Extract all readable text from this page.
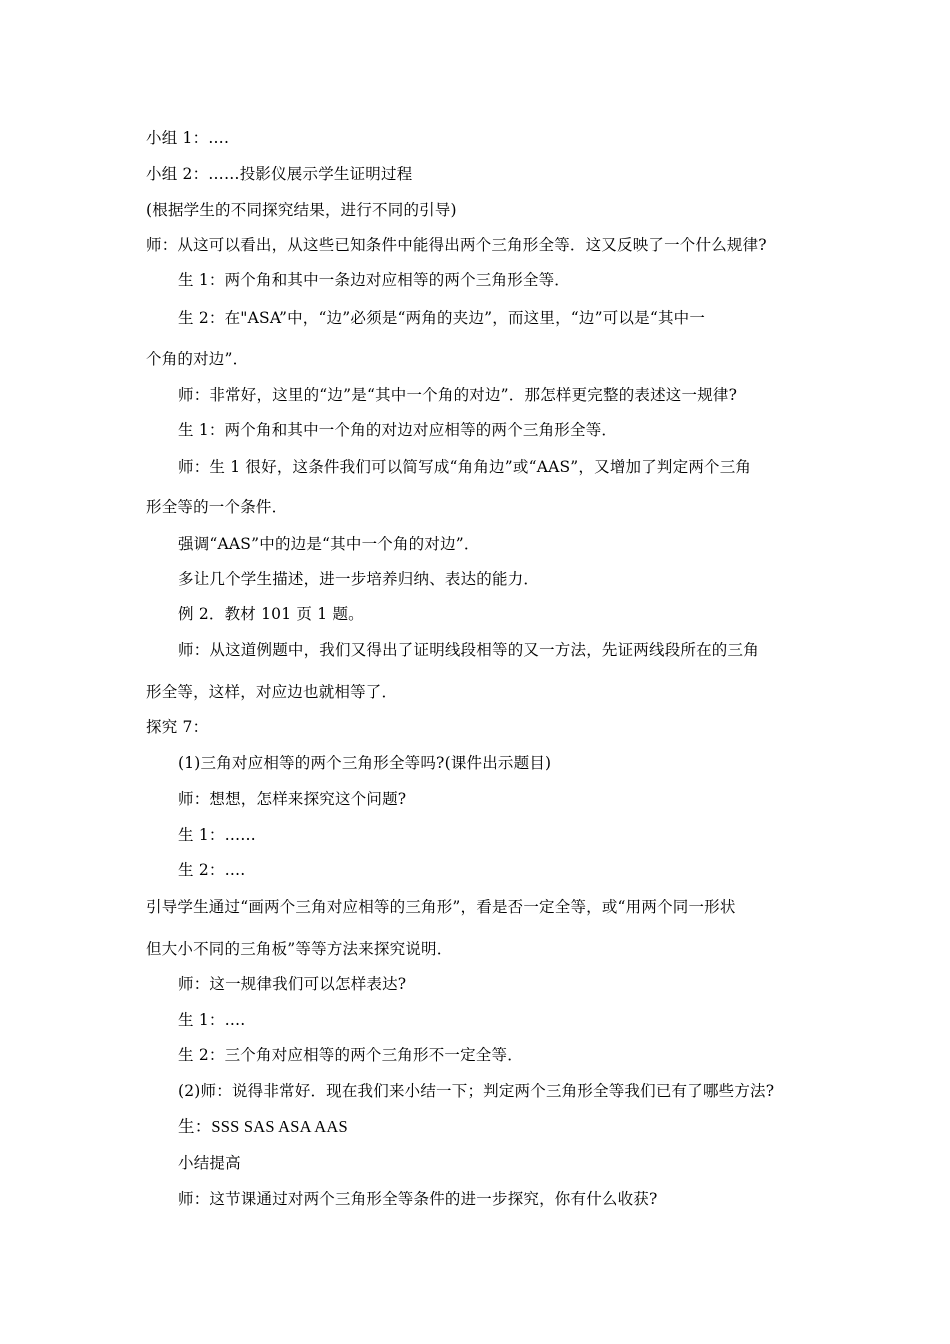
小组 1：….
小组 2：……投影仪展示学生证明过程
(根据学生的不同探究结果，进行不同的引导)
师：从这可以看出，从这些已知条件中能得出两个三角形全等．这又反映了一个什么规律?
生 1：两个角和其中一条边对应相等的两个三角形全等．
生 2：在"ASA”中，“边”必须是“两角的夹边”，而这里，“边”可以是“其中一
个角的对边”．
师：非常好，这里的“边”是“其中一个角的对边”．那怎样更完整的表述这一规律?
生 1：两个角和其中一个角的对边对应相等的两个三角形全等．
师：生 1 很好，这条件我们可以简写成“角角边”或“AAS”，又增加了判定两个三角
形全等的一个条件．
强调“AAS”中的边是“其中一个角的对边”．
多让几个学生描述，进一步培养归纳、表达的能力．
例 2．教材 101 页 1 题。
师：从这道例题中，我们又得出了证明线段相等的又一方法，先证两线段所在的三角
形全等，这样，对应边也就相等了．
探究 7：
(1)三角对应相等的两个三角形全等吗?(课件出示题目)
师：想想，怎样来探究这个问题?
生 1：……
生 2：….
引导学生通过“画两个三角对应相等的三角形”，看是否一定全等，或“用两个同一形状
但大小不同的三角板”等等方法来探究说明．
师：这一规律我们可以怎样表达?
生 1：….
生 2：三个角对应相等的两个三角形不一定全等．
(2)师：说得非常好．现在我们来小结一下；判定两个三角形全等我们已有了哪些方法?
生：SSS SAS ASA AAS
小结提高
师：这节课通过对两个三角形全等条件的进一步探究，你有什么收获?
